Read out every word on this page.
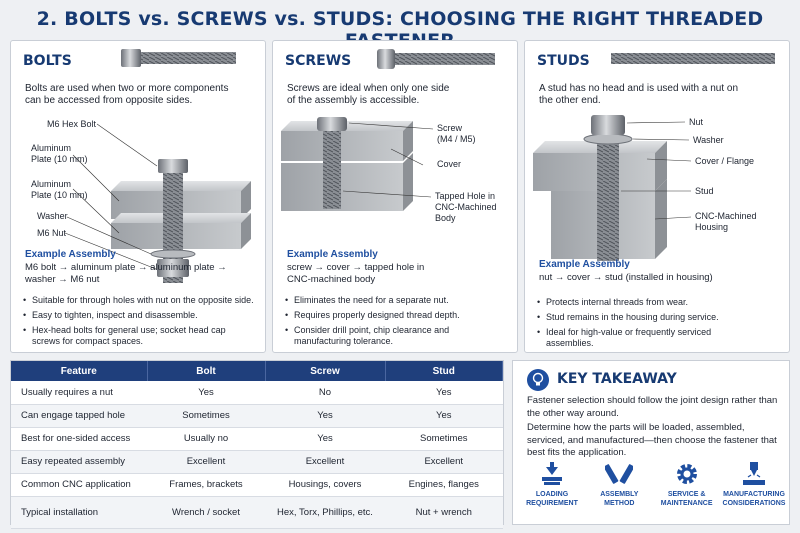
2. BOLTS vs. SCREWS vs. STUDS: CHOOSING THE RIGHT THREADED
BOLTS
Bolts are used when two or more components
can be accessed from opposite sides.
M6 Hex Bolt
Aluminum
Plate (10 mm)
Aluminum
Plate (10 mm)
Washer
M6 Nut
Example Assembly
M6 bolt → aluminum plate → aluminum plate →
washer → M6 nut
• Suitable for through holes with nut on the opposite side.
• Easy to tighten, inspect and disassemble.
• Hex-head bolts for general use; socket head cap
screws for compact spaces.
SCREWS
Screws are ideal when only one side
of the assembly is accessible.
Screw
(M4 / M5)
Cover
Tapped Hole in
CNC-Machined Body
Example Assembly
screw → cover → tapped hole in
CNC-machined body
• Eliminates the need for a separate nut.
• Requires properly designed thread depth.
• Consider drill point, chip clearance and
manufacturing tolerance.
STUDS
A stud has no head and is used with a nut on
the other end.
Nut
Washer
Cover / Flange
Stud
CNC-Machined
Housing
Example Assembly
nut → cover → stud (installed in housing)
• Protects internal threads from wear.
• Stud remains in the housing during service.
• Ideal for high-value or frequently serviced
assemblies.
Feature	Bolt	Screw	Stud
Usually requires a nut	Yes	No	Yes
Can engage tapped hole	Sometimes	Yes	Yes
Best for one-sided access	Usually no	Yes	Sometimes
Easy repeated assembly	Excellent	Excellent	Excellent
Common CNC application	Frames, brackets	Housings, covers	Engines, flanges
Typical installation	Wrench / socket	Hex, Torx, Phillips, etc.	Nut + wrench
KEY TAKEAWAY
Fastener selection should follow the joint design rather than the other way around.
Determine how the parts will be loaded, assembled, serviced, and manufactured—then choose the fastener that best fits the application.
LOADING
REQUIREMENT
ASSEMBLY
METHOD
SERVICE &
MAINTENANCE
MANUFACTURING
CONSIDERATIONS
